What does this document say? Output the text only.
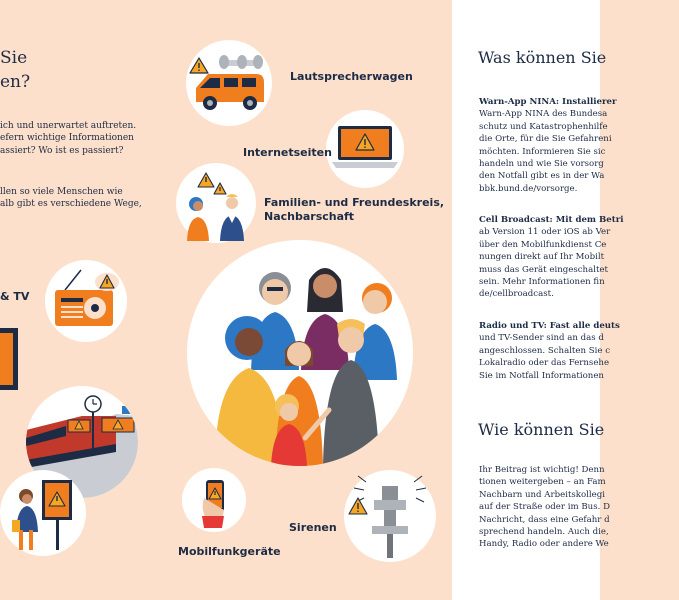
Sie
en?
ich und unerwartet auftreten.
efern wichtige Informationen
assiert? Wo ist es passiert?
llen so viele Menschen wie
alb gibt es verschiedene Wege,
& TV
Lautsprecherwagen
Internetseiten
Familien- und Freundeskreis,
Nachbarschaft
Mobilfunkgeräte
Sirenen
Was können Sie
Warn-App NINA: Installierer
Warn-App NINA des Bundesa
schutz und Katastrophenhilfe
die Orte, für die Sie Gefahreni
möchten. Informieren Sie sic
handeln und wie Sie vorsorg
den Notfall gibt es in der Wa
bbk.bund.de/vorsorge.
Cell Broadcast: Mit dem Betri
ab Version 11 oder iOS ab Ver
über den Mobilfunkdienst Ce
nungen direkt auf Ihr Mobilt
muss das Gerät eingeschaltet
sein. Mehr Informationen fin
de/cellbroadcast.
Radio und TV: Fast alle deuts
und TV-Sender sind an das d
angeschlossen. Schalten Sie c
Lokalradio oder das Fernsehe
Sie im Notfall Informationen
Wie können Sie
Ihr Beitrag ist wichtig! Denn
tionen weitergeben – an Fam
Nachbarn und Arbeitskollegi
auf der Straße oder im Bus. D
Nachricht, dass eine Gefahr d
sprechend handeln. Auch die,
Handy, Radio oder andere We
